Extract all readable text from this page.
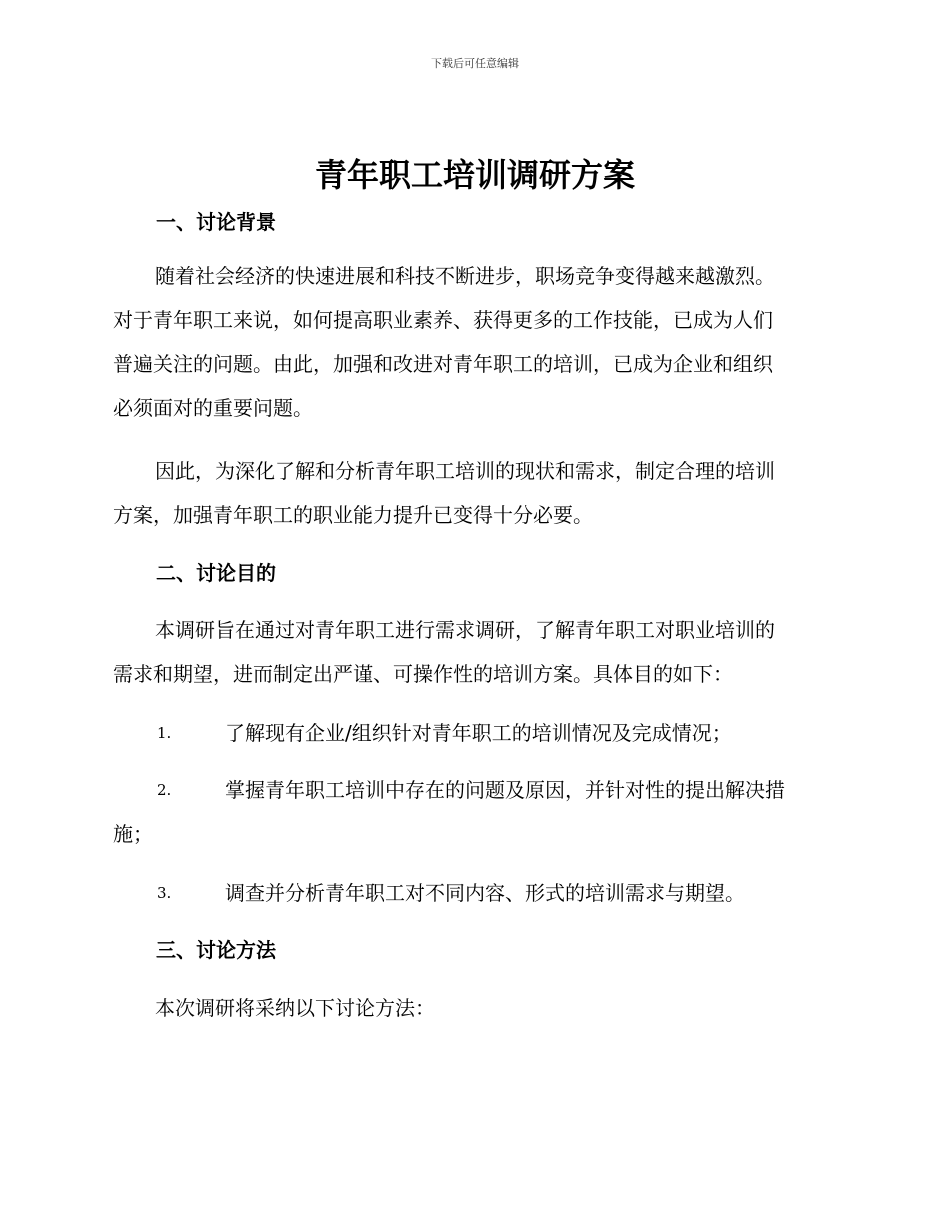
下载后可任意编辑
青年职工培训调研方案
一、讨论背景
随着社会经济的快速进展和科技不断进步，职场竞争变得越来越激烈。
对于青年职工来说，如何提高职业素养、获得更多的工作技能，已成为人们
普遍关注的问题。由此，加强和改进对青年职工的培训，已成为企业和组织
必须面对的重要问题。
因此，为深化了解和分析青年职工培训的现状和需求，制定合理的培训
方案，加强青年职工的职业能力提升已变得十分必要。
二、讨论目的
本调研旨在通过对青年职工进行需求调研，了解青年职工对职业培训的
需求和期望，进而制定出严谨、可操作性的培训方案。具体目的如下：
1.	了解现有企业/组织针对青年职工的培训情况及完成情况；
2.	掌握青年职工培训中存在的问题及原因，并针对性的提出解决措
施；
3.	调查并分析青年职工对不同内容、形式的培训需求与期望。
三、讨论方法
本次调研将采纳以下讨论方法：
